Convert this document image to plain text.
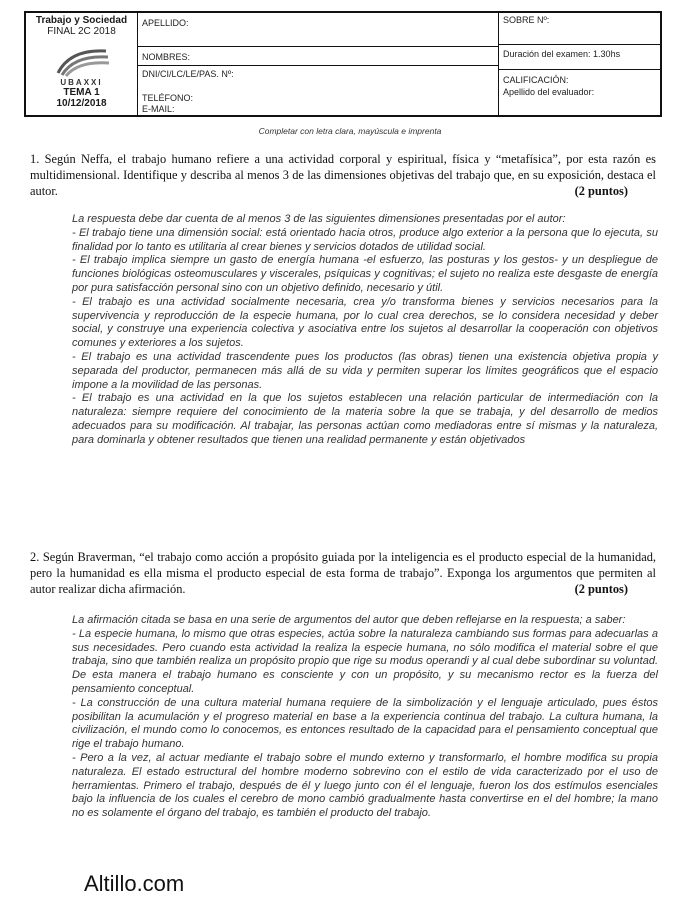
Trabajo y Sociedad
FINAL 2C 2018
UBAXXI
TEMA 1
10/12/2018
APELLIDO:
NOMBRES:
DNI/CI/LC/LE/PAS. Nº:
TELÉFONO:
E-MAIL:
SOBRE Nº:
Duración del examen: 1.30hs
CALIFICACIÓN:
Apellido del evaluador:
Completar con letra clara, mayúscula e imprenta
1. Según Neffa, el trabajo humano refiere a una actividad corporal y espiritual, física y “metafísica”, por esta razón es multidimensional. Identifique y describa al menos 3 de las dimensiones objetivas del trabajo que, en su exposición, destaca el autor.	(2 puntos)

La respuesta debe dar cuenta de al menos 3 de las siguientes dimensiones presentadas por el autor:

- El trabajo tiene una dimensión social: está orientado hacia otros, produce algo exterior a la persona que lo ejecuta, su finalidad por lo tanto es utilitaria al crear bienes y servicios dotados de utilidad social.

- El trabajo implica siempre un gasto de energía humana -el esfuerzo, las posturas y los gestos- y un despliegue de funciones biológicas osteomusculares y viscerales, psíquicas y cognitivas; el sujeto no realiza este desgaste de energía por pura satisfacción personal sino con un objetivo definido, necesario y útil.

- El trabajo es una actividad socialmente necesaria, crea y/o transforma bienes y servicios necesarios para la supervivencia y reproducción de la especie humana, por lo cual crea derechos, se lo considera necesidad y deber social, y construye una experiencia colectiva y asociativa entre los sujetos al desarrollar la cooperación con objetivos comunes y exteriores a los sujetos.

- El trabajo es una actividad trascendente pues los productos (las obras) tienen una existencia objetiva propia y separada del productor, permanecen más allá de su vida y permiten superar los límites geográficos que el espacio impone a la movilidad de las personas.

- El trabajo es una actividad en la que los sujetos establecen una relación particular de intermediación con la naturaleza: siempre requiere del conocimiento de la materia sobre la que se trabaja, y del desarrollo de medios adecuados para su modificación. Al trabajar, las personas actúan como mediadoras entre sí mismas y la naturaleza, para dominarla y obtener resultados que tienen una realidad permanente y están objetivados

2. Según Braverman, “el trabajo como acción a propósito guiada por la inteligencia es el producto especial de la humanidad, pero la humanidad es ella misma el producto especial de esta forma de trabajo”. Exponga los argumentos que permiten al autor realizar dicha afirmación.	(2 puntos)

La afirmación citada se basa en una serie de argumentos del autor que deben reflejarse en la respuesta; a saber:

- La especie humana, lo mismo que otras especies, actúa sobre la naturaleza cambiando sus formas para adecuarlas a sus necesidades. Pero cuando esta actividad la realiza la especie humana, no sólo modifica el material sobre el que trabaja, sino que también realiza un propósito propio que rige su modus operandi y al cual debe subordinar su voluntad. De esta manera el trabajo humano es consciente y con un propósito, y su mecanismo rector es la fuerza del pensamiento conceptual.

- La construcción de una cultura material humana requiere de la simbolización y el lenguaje articulado, pues éstos posibilitan la acumulación y el progreso material en base a la experiencia continua del trabajo. La cultura humana, la civilización, el mundo como lo conocemos, es entonces resultado de la capacidad para el pensamiento conceptual que rige el trabajo humano.

- Pero a la vez, al actuar mediante el trabajo sobre el mundo externo y transformarlo, el hombre modifica su propia naturaleza. El estado estructural del hombre moderno sobrevino con el estilo de vida caracterizado por el uso de herramientas. Primero el trabajo, después de él y luego junto con él el lenguaje, fueron los dos estímulos esenciales bajo la influencia de los cuales el cerebro de mono cambió gradualmente hasta convertirse en el del hombre; la mano no es solamente el órgano del trabajo, es también el producto del trabajo.

Altillo.com
